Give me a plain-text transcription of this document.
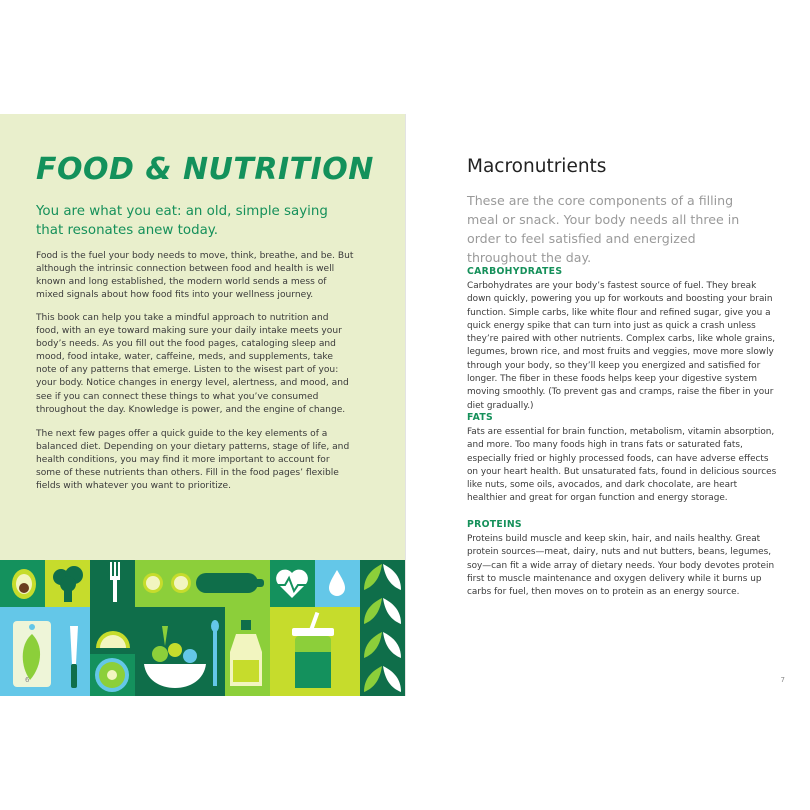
FOOD & NUTRITION

You are what you eat: an old, simple saying that resonates anew today.

Food is the fuel your body needs to move, think, breathe, and be. But although the intrinsic connection between food and health is well known and long established, the modern world sends a mess of mixed signals about how food fits into your wellness journey.

This book can help you take a mindful approach to nutrition and food, with an eye toward making sure your daily intake meets your body’s needs. As you fill out the food pages, cataloging sleep and mood, food intake, water, caffeine, meds, and supplements, take note of any patterns that emerge. Listen to the wisest part of you: your body. Notice changes in energy level, alertness, and mood, and see if you can connect these things to what you’ve consumed throughout the day. Knowledge is power, and the engine of change.

The next few pages offer a quick guide to the key elements of a balanced diet. Depending on your dietary patterns, stage of life, and health conditions, you may find it more important to account for some of these nutrients than others. Fill in the food pages’ flexible fields with whatever you want to prioritize.

6
Macronutrients

These are the core components of a filling meal or snack. Your body needs all three in order to feel satisfied and energized throughout the day.

CARBOHYDRATES

Carbohydrates are your body’s fastest source of fuel. They break down quickly, powering you up for workouts and boosting your brain function. Simple carbs, like white flour and refined sugar, give you a quick energy spike that can turn into just as quick a crash unless they’re paired with other nutrients. Complex carbs, like whole grains, legumes, brown rice, and most fruits and veggies, move more slowly through your body, so they’ll keep you energized and satisfied for longer. The fiber in these foods helps keep your digestive system moving smoothly. (To prevent gas and cramps, raise the fiber in your diet gradually.)

FATS

Fats are essential for brain function, metabolism, vitamin absorption, and more. Too many foods high in trans fats or saturated fats, especially fried or highly processed foods, can have adverse effects on your heart health. But unsaturated fats, found in delicious sources like nuts, some oils, avocados, and dark chocolate, are heart healthier and great for organ function and energy storage.

PROTEINS

Proteins build muscle and keep skin, hair, and nails healthy. Great protein sources—meat, dairy, nuts and nut butters, beans, legumes, soy—can fit a wide array of dietary needs. Your body devotes protein first to muscle maintenance and oxygen delivery while it burns up carbs for fuel, then moves on to protein as an energy source.

7
